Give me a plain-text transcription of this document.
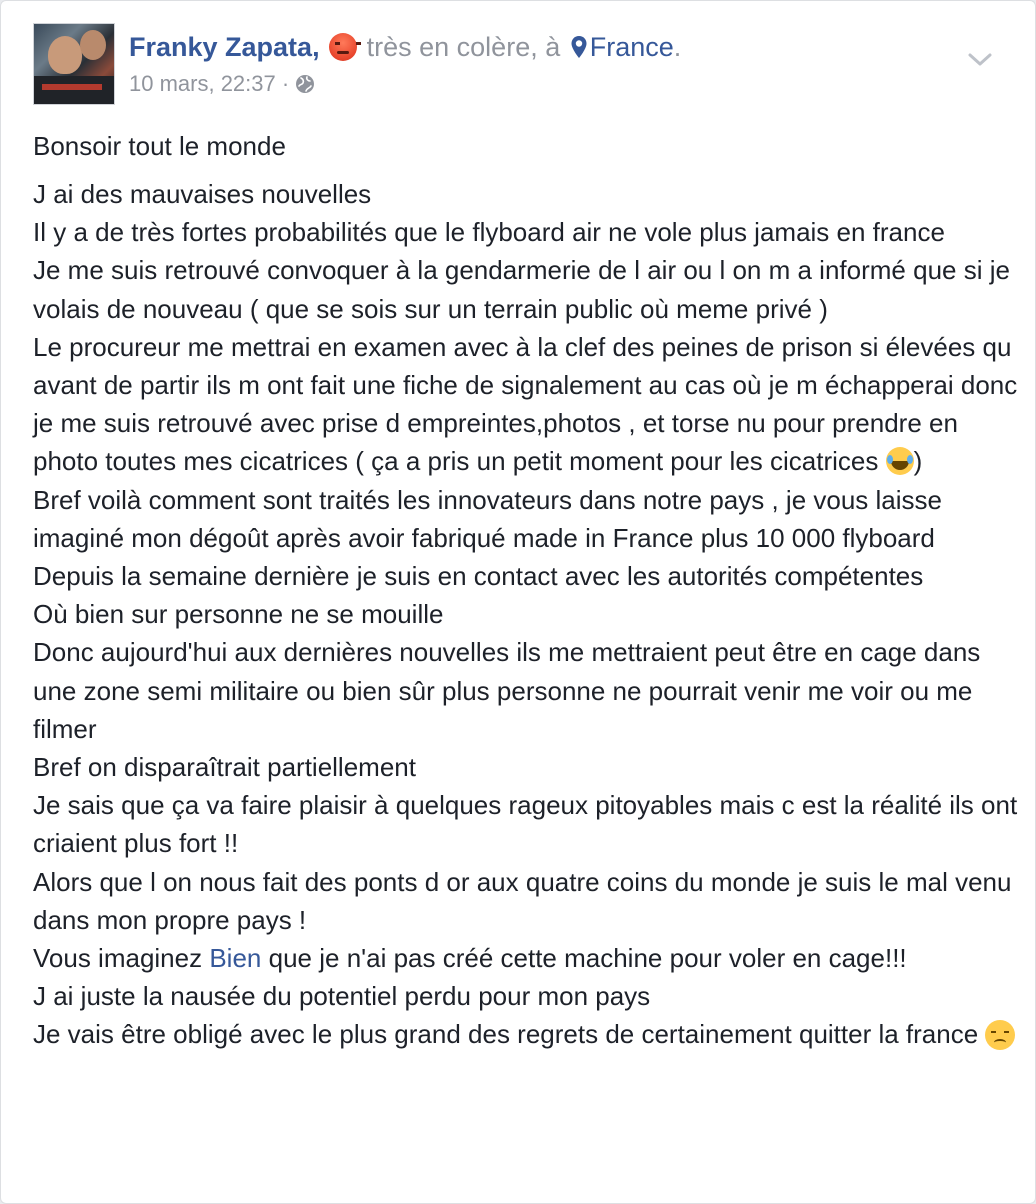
Franky Zapata, très en colère, à France.
10 mars, 22:37 ·

Bonsoir tout le monde

J ai des mauvaises nouvelles

Il y a de très fortes probabilités que le flyboard air ne vole plus jamais en france

Je me suis retrouvé convoquer à la gendarmerie de l air ou l on m a informé que si je volais de nouveau ( que se sois sur un terrain public où meme privé )

Le procureur me mettrai en examen avec à la clef des peines de prison si élevées qu avant de partir ils m ont fait une fiche de signalement au cas où je m échapperai donc je me suis retrouvé avec prise d empreintes,photos , et torse nu pour prendre en photo toutes mes cicatrices ( ça a pris un petit moment pour les cicatrices )

Bref voilà comment sont traités les innovateurs dans notre pays , je vous laisse imaginé mon dégoût après avoir fabriqué made in France plus 10 000 flyboard

Depuis la semaine dernière je suis en contact avec les autorités compétentes

Où bien sur personne ne se mouille

Donc aujourd'hui aux dernières nouvelles ils me mettraient peut être en cage dans une zone semi militaire ou bien sûr plus personne ne pourrait venir me voir ou me filmer

Bref on disparaîtrait partiellement

Je sais que ça va faire plaisir à quelques rageux pitoyables mais c est la réalité ils ont criaient plus fort !!

Alors que l on nous fait des ponts d or aux quatre coins du monde je suis le mal venu dans mon propre pays !

Vous imaginez Bien que je n'ai pas créé cette machine pour voler en cage!!!

J ai juste la nausée du potentiel perdu pour mon pays

Je vais être obligé avec le plus grand des regrets de certainement quitter la france
